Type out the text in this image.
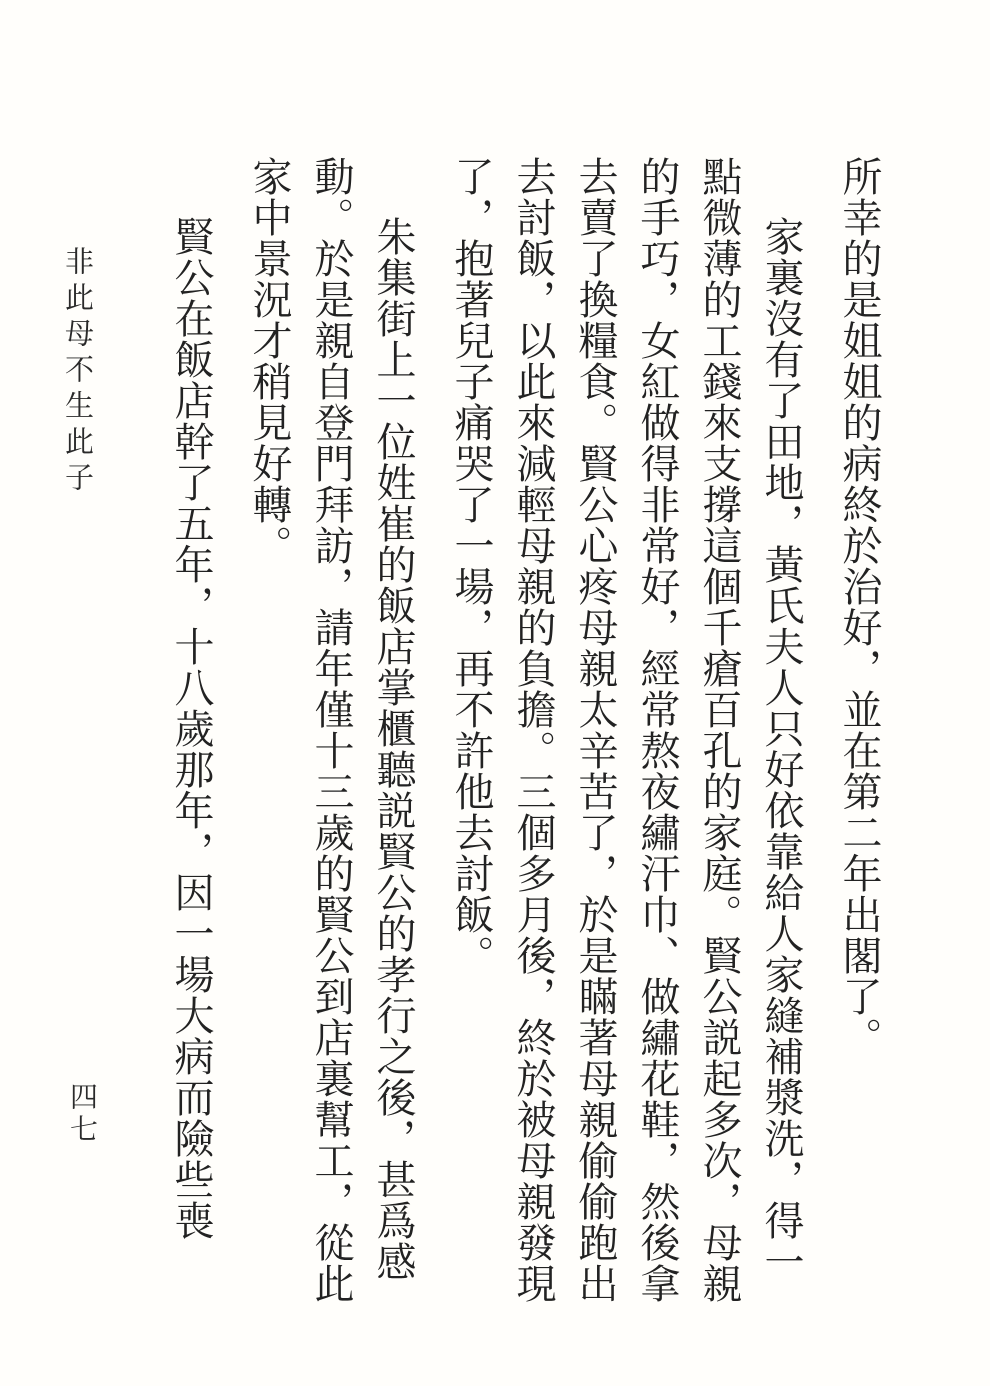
所幸的是姐姐的病終於治好，並在第二年出閣了。
家裏沒有了田地，黃氏夫人只好依靠給人家縫補漿洗，得一
點微薄的工錢來支撐這個千瘡百孔的家庭。賢公説起多次，母親
的手巧，女紅做得非常好，經常熬夜繡汗巾、做繡花鞋，然後拿
去賣了換糧食。賢公心疼母親太辛苦了，於是瞞著母親偷偷跑出
去討飯，以此來減輕母親的負擔。三個多月後，終於被母親發現
了，抱著兒子痛哭了一場，再不許他去討飯。
朱集街上一位姓崔的飯店掌櫃聽説賢公的孝行之後，甚爲感
動。於是親自登門拜訪，請年僅十三歲的賢公到店裏幫工，從此
家中景況才稍見好轉。
賢公在飯店幹了五年，十八歲那年，因一場大病而險些喪
非此母不生此子
四七
